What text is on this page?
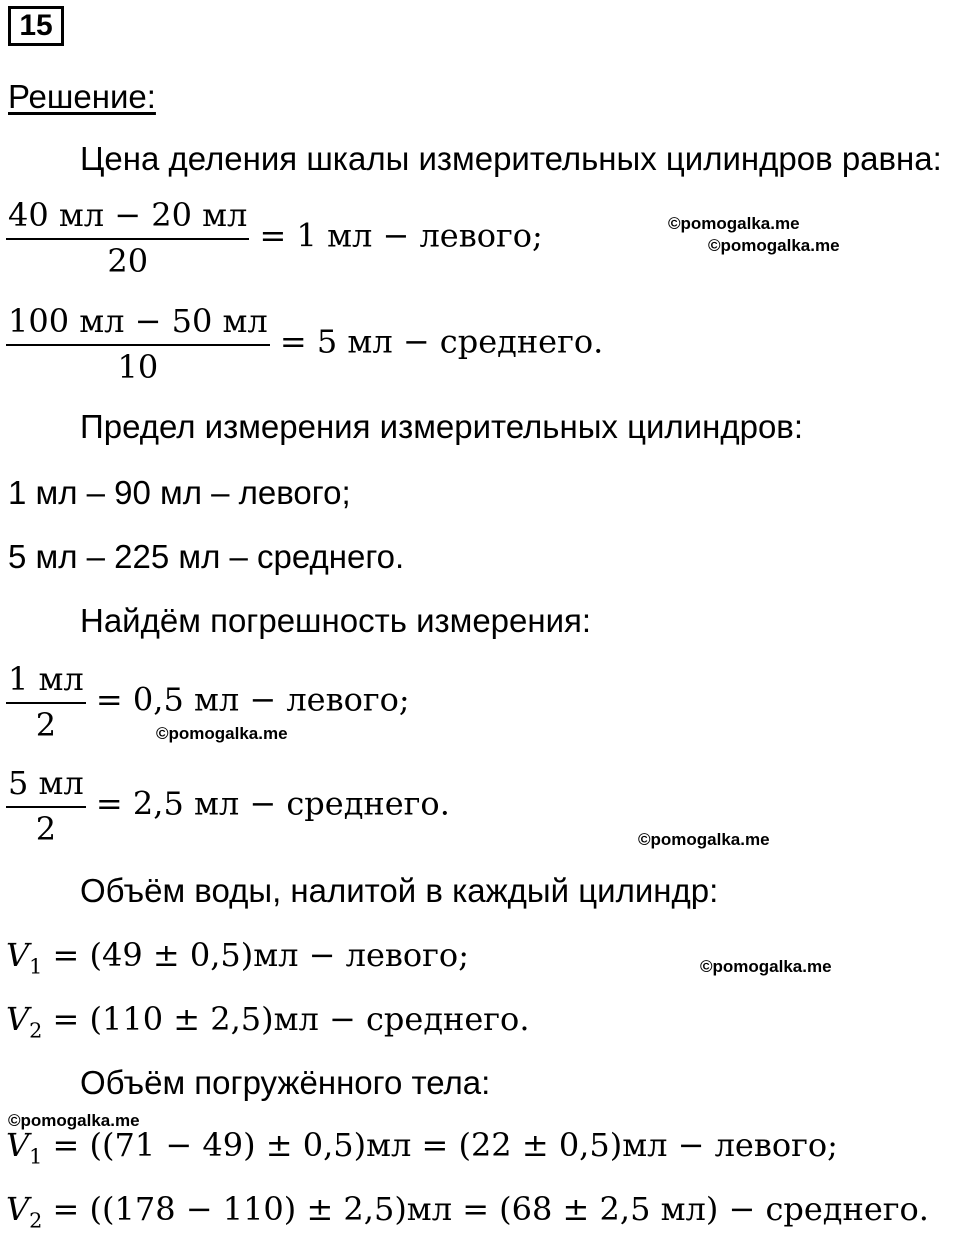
15
Решение:
Цена деления шкалы измерительных цилиндров равна:
$\frac{40 мл - 20 мл}{20} = 1$ мл − левого;
$\frac{100 мл - 50 мл}{10} = 5$ мл − среднего.
Предел измерения измерительных цилиндров:
1 мл – 90 мл – левого;
5 мл – 225 мл – среднего.
Найдём погрешность измерения:
$\frac{1 мл}{2} = 0,5$ мл − левого;
$\frac{5 мл}{2} = 2,5$ мл − среднего.
Объём воды, налитой в каждый цилиндр:
$V_1 = (49 \pm 0,5)мл$ − левого;
$V_2 = (110 \pm 2,5)мл$ − среднего.
Объём погружённого тела:
$V_1 = ((71 - 49) \pm 0,5)мл = (22 \pm 0,5)мл$ − левого;
$V_2 = ((178 - 110) \pm 2,5)мл = (68 \pm 2,5$ мл) − среднего.
©pomogalka.me
©pomogalka.me
©pomogalka.me
©pomogalka.me
©pomogalka.me
©pomogalka.me
